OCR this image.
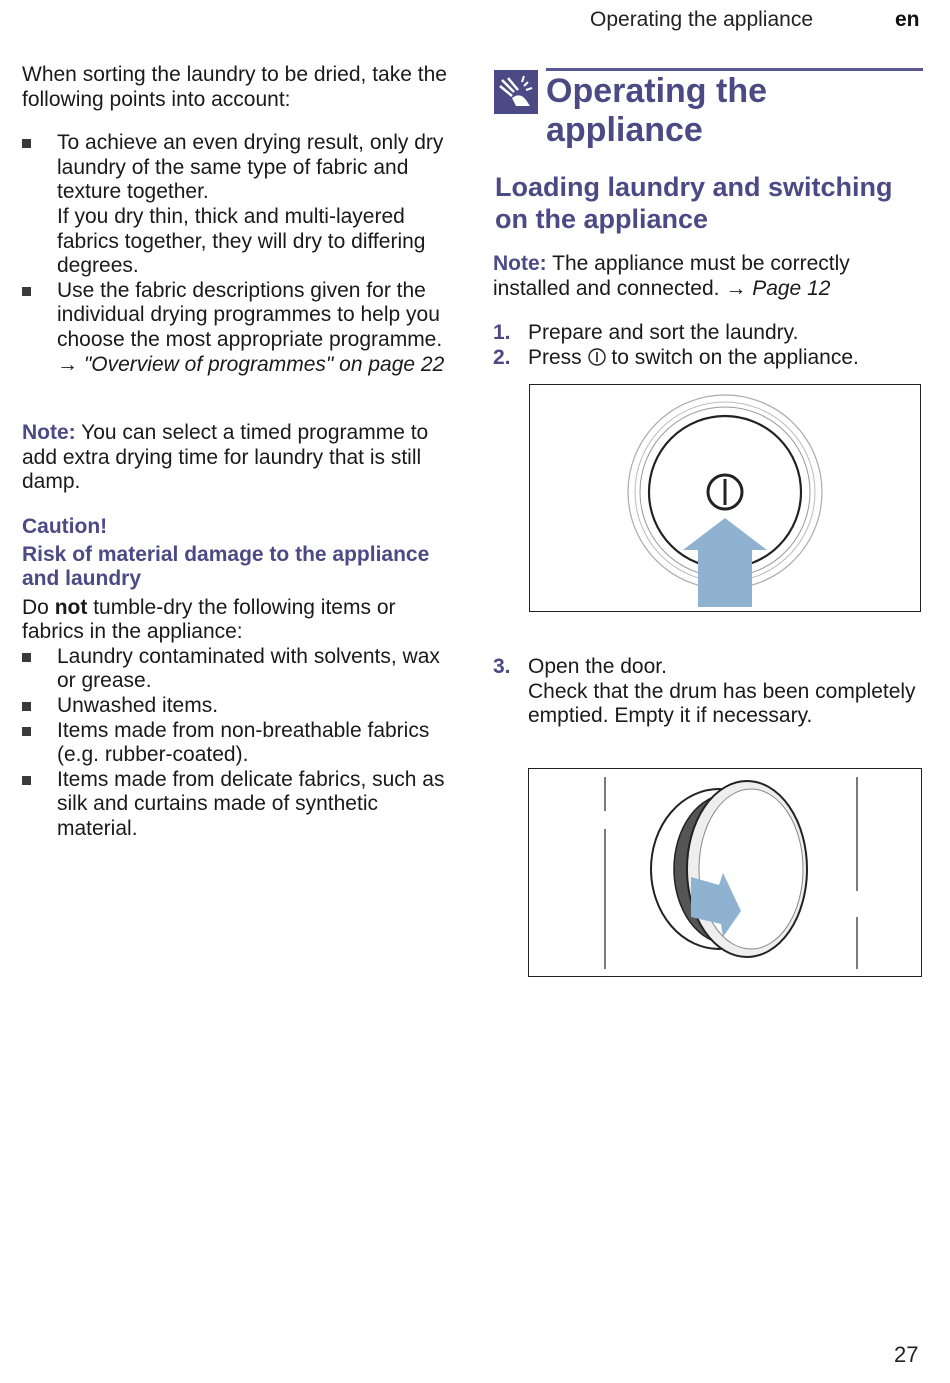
Operating the appliance	en

When sorting the laundry to be dried, take the following points into account:

To achieve an even drying result, only dry laundry of the same type of fabric and texture together.
If you dry thin, thick and multi-layered fabrics together, they will dry to differing degrees.
Use the fabric descriptions given for the individual drying programmes to help you choose the most appropriate programme.
→ "Overview of programmes" on page 22

Note: You can select a timed programme to add extra drying time for laundry that is still damp.

Caution!

Risk of material damage to the appliance and laundry

Do not tumble-dry the following items or fabrics in the appliance:

Laundry contaminated with solvents, wax or grease.
Unwashed items.
Items made from non-breathable fabrics (e.g. rubber-coated).
Items made from delicate fabrics, such as silk and curtains made of synthetic material.
Operating the appliance
Loading laundry and switching on the appliance

Note: The appliance must be correctly installed and connected. → Page 12

1. Prepare and sort the laundry.
2. Press to switch on the appliance.
3. Open the door.
Check that the drum has been completely emptied. Empty it if necessary.
27
